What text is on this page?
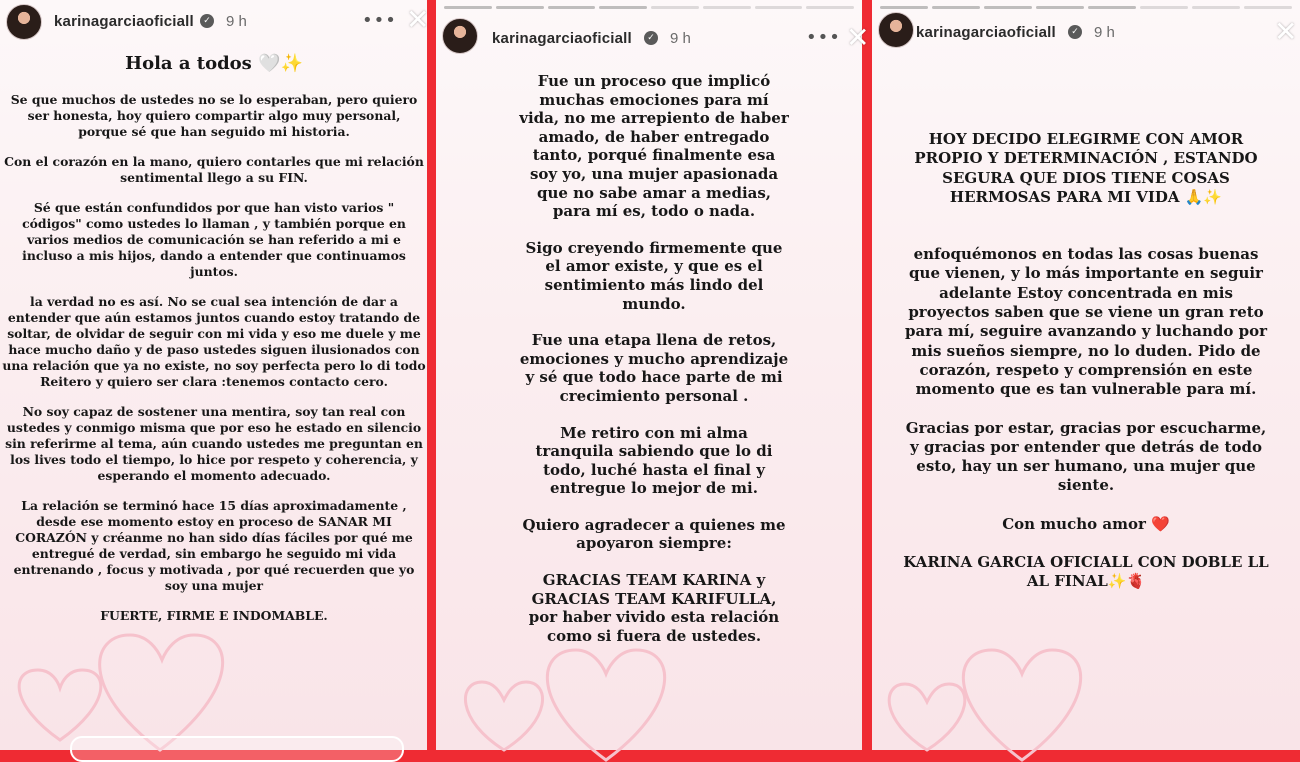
karinagarciaoficiall	✓ 9 h	••• ✕

Hola a todos 🤍✨

Se que muchos de ustedes no se lo esperaban, pero quiero ser honesta, hoy quiero compartir algo muy personal, porque sé que han seguido mi historia.

Con el corazón en la mano, quiero contarles que mi relación sentimental llego a su FIN.

Sé que están confundidos por que han visto varios " códigos" como ustedes lo llaman , y también porque en varios medios de comunicación se han referido a mi e incluso a mis hijos, dando a entender que continuamos juntos.

la verdad no es así. No se cual sea intención de dar a entender que aún estamos juntos cuando estoy tratando de soltar, de olvidar de seguir con mi vida y eso me duele y me hace mucho daño y de paso ustedes siguen ilusionados con una relación que ya no existe, no soy perfecta pero lo di todo Reitero y quiero ser clara :tenemos contacto cero.

No soy capaz de sostener una mentira, soy tan real con ustedes y conmigo misma que por eso he estado en silencio sin referirme al tema, aún cuando ustedes me preguntan en los lives todo el tiempo, lo hice por respeto y coherencia, y esperando el momento adecuado.

La relación se terminó hace 15 días aproximadamente , desde ese momento estoy en proceso de SANAR MI CORAZÓN y créanme no han sido días fáciles por qué me entregué de verdad, sin embargo he seguido mi vida entrenando , focus y motivada , por qué recuerden que yo soy una mujer

FUERTE, FIRME E INDOMABLE.

karinagarciaoficiall	✓ 9 h	••• ✕

Fue un proceso que implicó muchas emociones para mí vida, no me arrepiento de haber amado, de haber entregado tanto, porqué finalmente esa soy yo, una mujer apasionada que no sabe amar a medias, para mí es, todo o nada.

Sigo creyendo firmemente que el amor existe, y que es el sentimiento más lindo del mundo.

Fue una etapa llena de retos, emociones y mucho aprendizaje y sé que todo hace parte de mi crecimiento personal .

Me retiro con mi alma tranquila sabiendo que lo di todo, luché hasta el final y entregue lo mejor de mi.

Quiero agradecer a quienes me apoyaron siempre:

GRACIAS TEAM KARINA y GRACIAS TEAM KARIFULLA, por haber vivido esta relación como si fuera de ustedes.

karinagarciaoficiall	✓ 9 h	✕

HOY DECIDO ELEGIRME CON AMOR PROPIO Y DETERMINACIÓN , ESTANDO SEGURA QUE DIOS TIENE COSAS HERMOSAS PARA MI VIDA 🙏✨

enfoquémonos en todas las cosas buenas que vienen, y lo más importante en seguir adelante Estoy concentrada en mis proyectos saben que se viene un gran reto para mí, seguire avanzando y luchando por mis sueños siempre, no lo duden. Pido de corazón, respeto y comprensión en este momento que es tan vulnerable para mí.

Gracias por estar, gracias por escucharme, y gracias por entender que detrás de todo esto, hay un ser humano, una mujer que siente.

Con mucho amor ❤️

KARINA GARCIA OFICIALL CON DOBLE LL AL FINAL✨🫀
